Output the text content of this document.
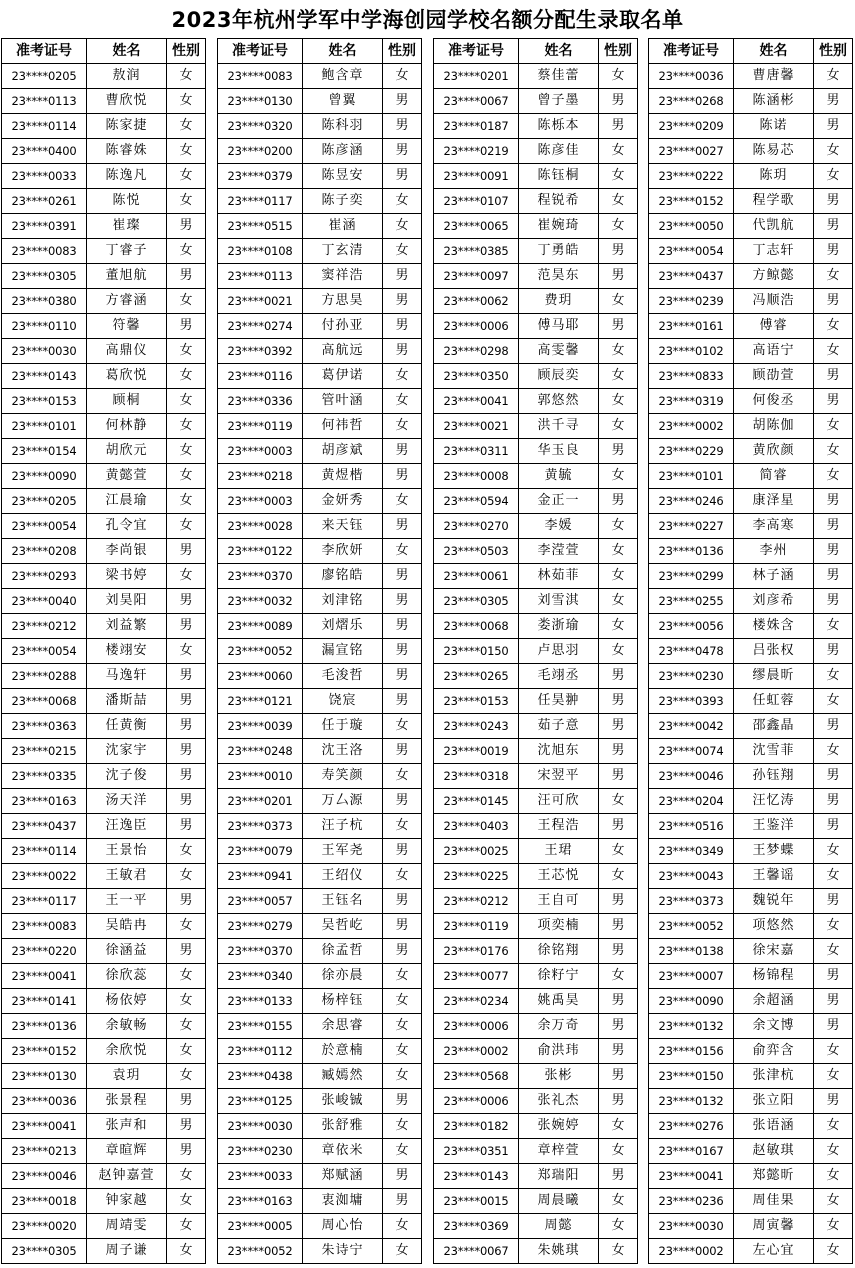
2023年杭州学军中学海创园学校名额分配生录取名单
准考证号	姓名	性别
23****0205	敖润	女
23****0113	曹欣悦	女
23****0114	陈家捷	女
23****0400	陈睿姝	女
23****0033	陈逸凡	女
23****0261	陈悦	女
23****0391	崔璨	男
23****0083	丁睿子	女
23****0305	董旭航	男
23****0380	方睿涵	女
23****0110	符馨	男
23****0030	高鼎仪	女
23****0143	葛欣悦	女
23****0153	顾桐	女
23****0101	何林静	女
23****0154	胡欣元	女
23****0090	黄懿萱	女
23****0205	江晨瑜	女
23****0054	孔令宜	女
23****0208	李尚银	男
23****0293	梁书婷	女
23****0040	刘昊阳	男
23****0212	刘益繁	男
23****0054	楼翊安	女
23****0288	马逸轩	男
23****0068	潘斯喆	男
23****0363	任黄衡	男
23****0215	沈家宇	男
23****0335	沈子俊	男
23****0163	汤天洋	男
23****0437	汪逸臣	男
23****0114	王景怡	女
23****0022	王敏君	女
23****0117	王一平	男
23****0083	吴皓冉	女
23****0220	徐涵益	男
23****0041	徐欣蕊	女
23****0141	杨依婷	女
23****0136	余敏畅	女
23****0152	余欣悦	女
23****0130	袁玥	女
23****0036	张景程	男
23****0041	张声和	男
23****0213	章暄辉	男
23****0046	赵钟嘉萱	女
23****0018	钟家越	女
23****0020	周靖雯	女
23****0305	周子谦	女
准考证号	姓名	性别
23****0083	鲍含章	女
23****0130	曾翼	男
23****0320	陈科羽	男
23****0200	陈彦涵	男
23****0379	陈昱安	男
23****0117	陈子奕	女
23****0515	崔涵	女
23****0108	丁玄清	女
23****0113	窦祥浩	男
23****0021	方思昊	男
23****0274	付孙亚	男
23****0392	高航远	男
23****0116	葛伊诺	女
23****0336	管叶涵	女
23****0119	何祎哲	女
23****0003	胡彦斌	男
23****0218	黄煜楷	男
23****0003	金妍秀	女
23****0028	来天钰	男
23****0122	李欣妍	女
23****0370	廖铭皓	男
23****0032	刘津铭	男
23****0089	刘熠乐	男
23****0052	漏宣铭	男
23****0060	毛浚哲	男
23****0121	饶宸	男
23****0039	任于璇	女
23****0248	沈王洛	男
23****0010	寿笑颜	女
23****0201	万厶源	男
23****0373	汪子杭	女
23****0079	王军尧	男
23****0941	王绍仪	女
23****0057	王钰名	男
23****0279	吴哲屹	男
23****0370	徐孟哲	男
23****0340	徐亦晨	女
23****0133	杨梓钰	女
23****0155	余思睿	女
23****0112	於意楠	女
23****0438	臧嫣然	女
23****0125	张峻铖	男
23****0030	张舒雅	女
23****0230	章依米	女
23****0033	郑赋涵	男
23****0163	衷洳墉	男
23****0005	周心怡	女
23****0052	朱诗宁	女
准考证号	姓名	性别
23****0201	蔡佳蕾	女
23****0067	曾子墨	男
23****0187	陈栎本	男
23****0219	陈彦佳	女
23****0091	陈钰桐	女
23****0107	程锐希	女
23****0065	崔婉琦	女
23****0385	丁勇皓	男
23****0097	范昊东	男
23****0062	费玥	女
23****0006	傅马耶	男
23****0298	高雯馨	女
23****0350	顾辰奕	女
23****0041	郭悠然	女
23****0021	洪千寻	女
23****0311	华玉良	男
23****0008	黄毓	女
23****0594	金正一	男
23****0270	李媛	女
23****0503	李滢萱	女
23****0061	林茹菲	女
23****0305	刘雪淇	女
23****0068	娄浙瑜	女
23****0150	卢思羽	女
23****0265	毛翊丞	男
23****0153	任昊翀	男
23****0243	茹子意	男
23****0019	沈旭东	男
23****0318	宋翌平	男
23****0145	汪可欣	女
23****0403	王程浩	男
23****0025	王珺	女
23****0225	王芯悦	女
23****0212	王自可	男
23****0119	项奕楠	男
23****0176	徐铭翔	男
23****0077	徐籽宁	女
23****0234	姚禹昊	男
23****0006	余万奇	男
23****0002	俞洪玮	男
23****0568	张彬	男
23****0006	张礼杰	男
23****0182	张婉婷	女
23****0351	章梓萱	女
23****0143	郑瑞阳	男
23****0015	周晨曦	女
23****0369	周懿	女
23****0067	朱姚琪	女
准考证号	姓名	性别
23****0036	曹唐馨	女
23****0268	陈涵彬	男
23****0209	陈诺	男
23****0027	陈易芯	女
23****0222	陈玥	女
23****0152	程学歌	男
23****0050	代凯航	男
23****0054	丁志轩	男
23****0437	方鲸懿	女
23****0239	冯顺浩	男
23****0161	傅睿	女
23****0102	高语宁	女
23****0833	顾劭萱	男
23****0319	何俊丞	男
23****0002	胡陈伽	女
23****0229	黄欣颜	女
23****0101	简睿	女
23****0246	康泽星	男
23****0227	李高寒	男
23****0136	李州	男
23****0299	林子涵	男
23****0255	刘彦希	男
23****0056	楼姝含	女
23****0478	吕张权	男
23****0230	缪晨昕	女
23****0393	任虹蓉	女
23****0042	邵鑫晶	男
23****0074	沈雪菲	女
23****0046	孙钰翔	男
23****0204	汪忆涛	男
23****0516	王鉴洋	男
23****0349	王梦蝶	女
23****0043	王馨谣	女
23****0373	魏锐年	男
23****0052	项悠然	女
23****0138	徐宋嘉	女
23****0007	杨锦程	男
23****0090	余超涵	男
23****0132	余文博	男
23****0156	俞弈含	女
23****0150	张津杭	女
23****0132	张立阳	男
23****0276	张语涵	女
23****0167	赵敏琪	女
23****0041	郑懿昕	女
23****0236	周佳果	女
23****0030	周寅馨	女
23****0002	左心宜	女
